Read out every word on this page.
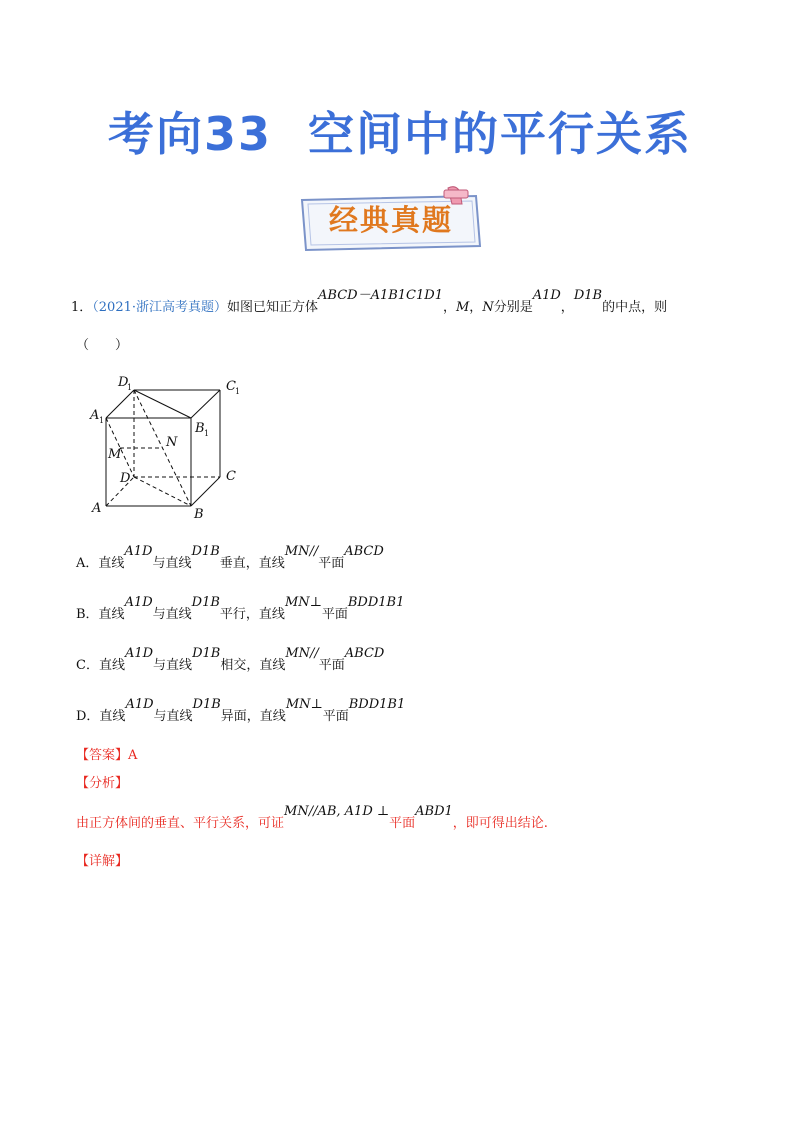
考向33 空间中的平行关系
经典真题
1．（2021·浙江高考真题）如图已知正方体ABCD－A1B1C1D1，M，N分别是A1D，D1B的中点，则
（　　）
D
1	C 1
A 1
B 1
N
M
D	C
A	B
A．直线A1D与直线D1B垂直，直线MN//平面ABCD
B．直线A1D与直线D1B平行，直线MN⊥平面BDD1B1
C．直线A1D与直线D1B相交，直线MN//平面ABCD
D．直线A1D与直线D1B异面，直线MN⊥平面BDD1B1
【答案】A
【分析】
由正方体间的垂直、平行关系，可证MN//AB, A1D ⊥平面ABD1，即可得出结论.
【详解】
